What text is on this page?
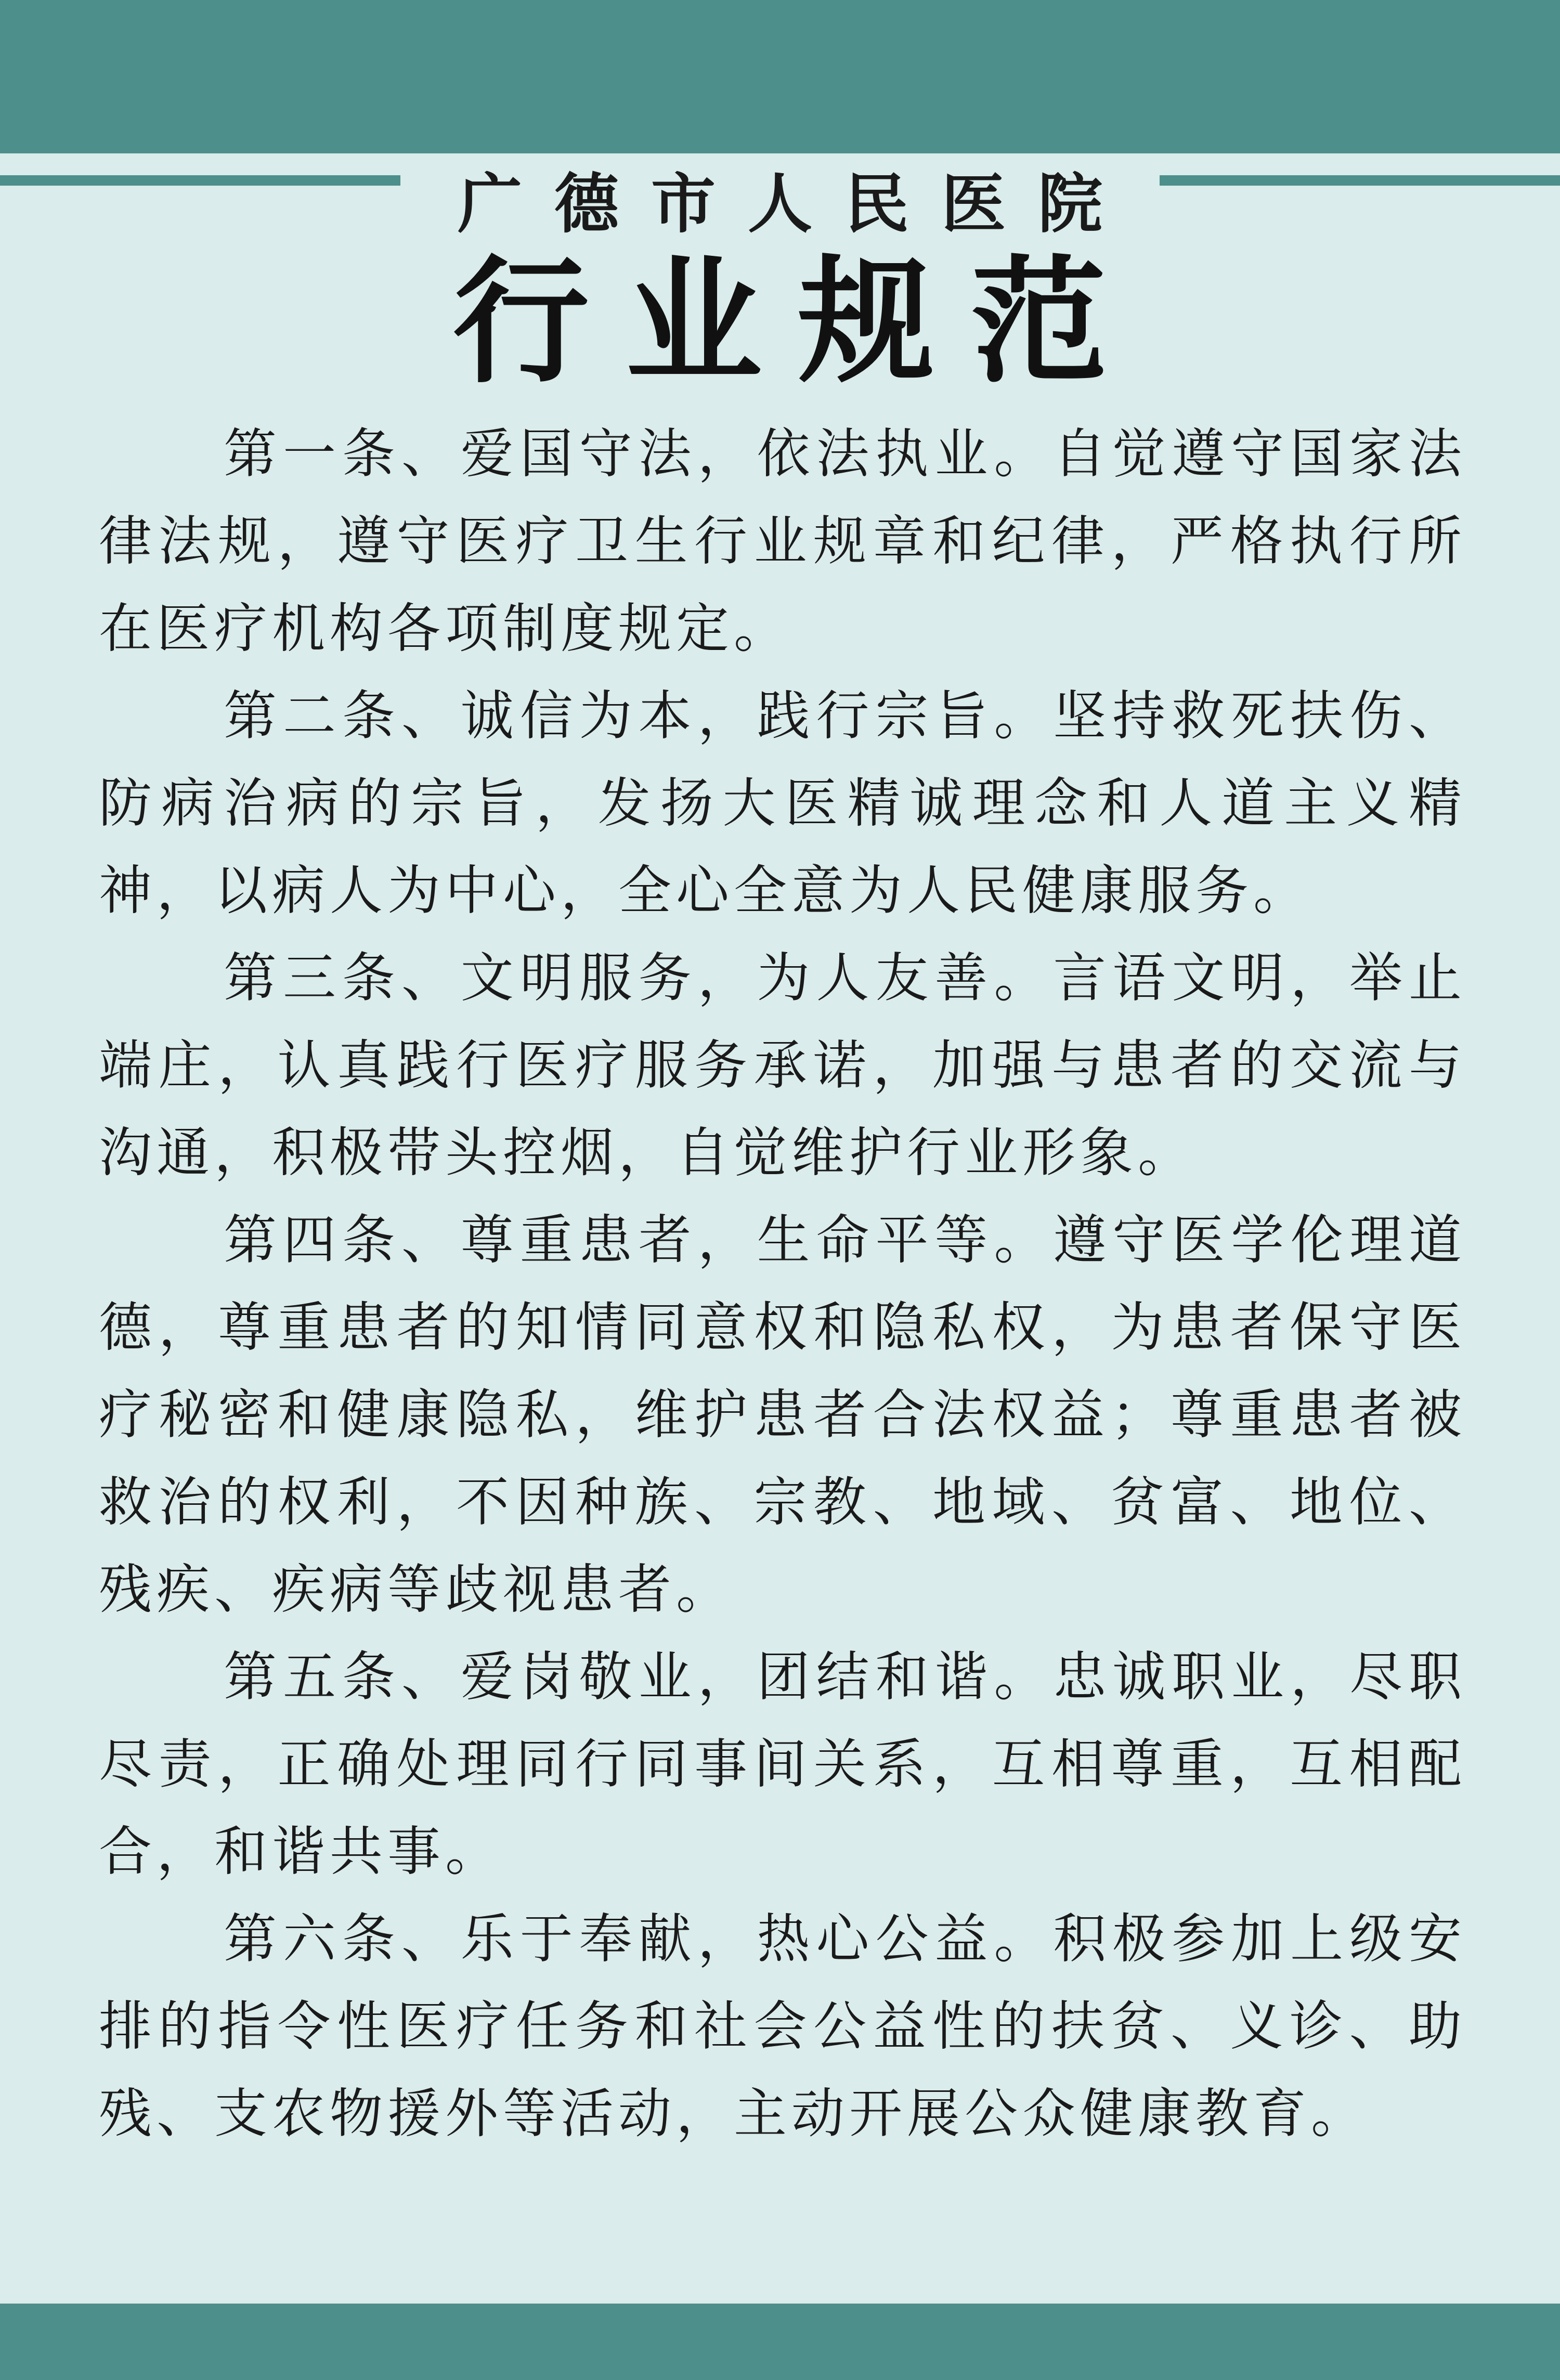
广德市人民医院
行业规范

第一条、爱国守法，依法执业。自觉遵守国家法律法规，遵守医疗卫生行业规章和纪律，严格执行所在医疗机构各项制度规定。

第二条、诚信为本，践行宗旨。坚持救死扶伤、防病治病的宗旨，发扬大医精诚理念和人道主义精神，以病人为中心，全心全意为人民健康服务。

第三条、文明服务，为人友善。言语文明，举止端庄，认真践行医疗服务承诺，加强与患者的交流与沟通，积极带头控烟，自觉维护行业形象。

第四条、尊重患者，生命平等。遵守医学伦理道德，尊重患者的知情同意权和隐私权，为患者保守医疗秘密和健康隐私，维护患者合法权益；尊重患者被救治的权利，不因种族、宗教、地域、贫富、地位、残疾、疾病等歧视患者。

第五条、爱岗敬业，团结和谐。忠诚职业，尽职尽责，正确处理同行同事间关系，互相尊重，互相配合，和谐共事。

第六条、乐于奉献，热心公益。积极参加上级安排的指令性医疗任务和社会公益性的扶贫、义诊、助残、支农物援外等活动，主动开展公众健康教育。
